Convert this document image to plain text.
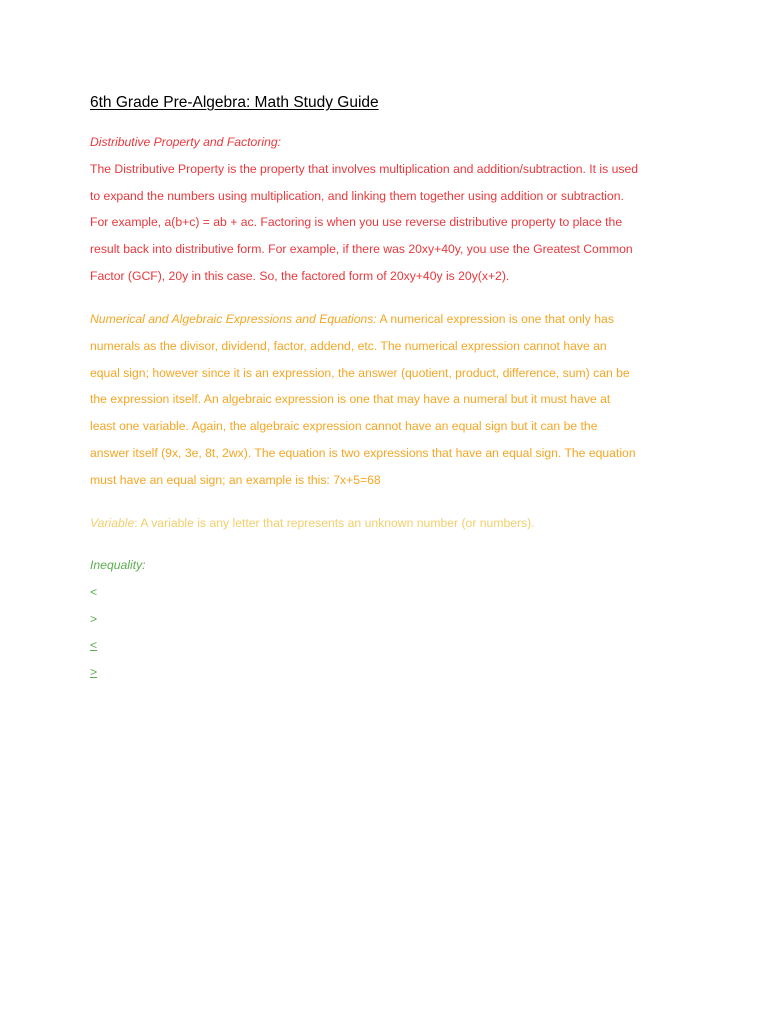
6th Grade Pre-Algebra: Math Study Guide
Distributive Property and Factoring:
The Distributive Property is the property that involves multiplication and addition/subtraction. It is used
to expand the numbers using multiplication, and linking them together using addition or subtraction.
For example, a(b+c) = ab + ac. Factoring is when you use reverse distributive property to place the
result back into distributive form. For example, if there was 20xy+40y, you use the Greatest Common
Factor (GCF), 20y in this case. So, the factored form of 20xy+40y is 20y(x+2).
Numerical and Algebraic Expressions and Equations: A numerical expression is one that only has
numerals as the divisor, dividend, factor, addend, etc. The numerical expression cannot have an
equal sign; however since it is an expression, the answer (quotient, product, difference, sum) can be
the expression itself. An algebraic expression is one that may have a numeral but it must have at
least one variable. Again, the algebraic expression cannot have an equal sign but it can be the
answer itself (9x, 3e, 8t, 2wx). The equation is two expressions that have an equal sign. The equation
must have an equal sign; an example is this: 7x+5=68
Variable: A variable is any letter that represents an unknown number (or numbers).
Inequality:
<
>
<
>
